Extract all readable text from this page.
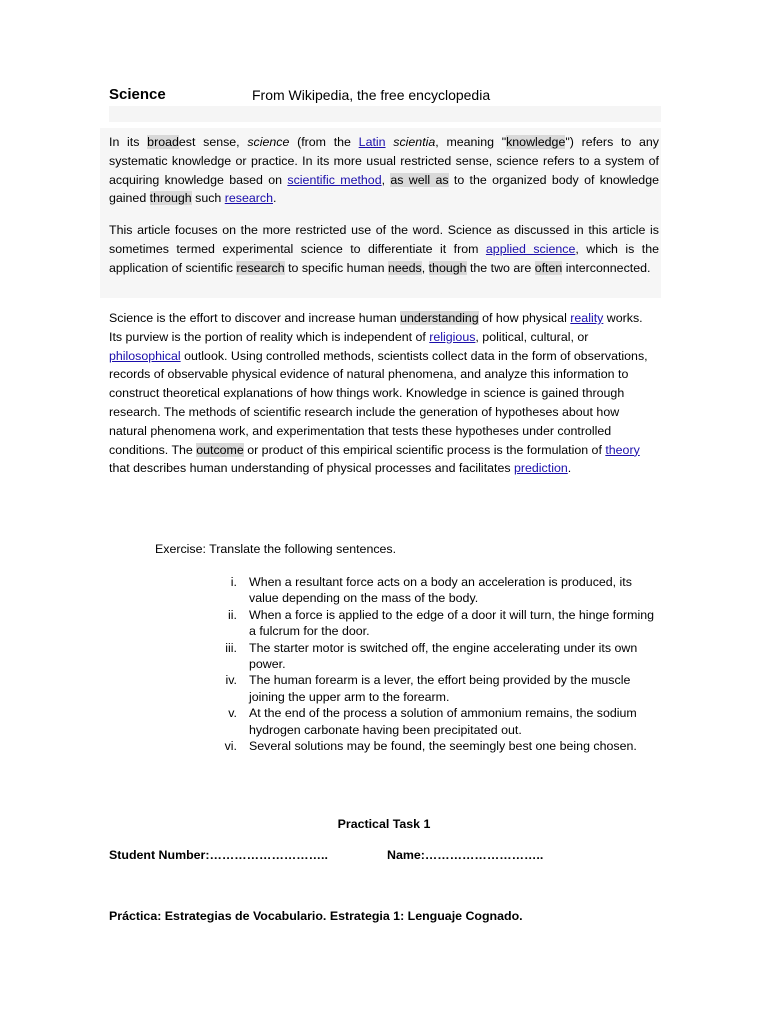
Science	From Wikipedia, the free encyclopedia
In its broadest sense, science (from the Latin scientia, meaning "knowledge") refers to any systematic knowledge or practice. In its more usual restricted sense, science refers to a system of acquiring knowledge based on scientific method, as well as to the organized body of knowledge gained through such research.
This article focuses on the more restricted use of the word. Science as discussed in this article is sometimes termed experimental science to differentiate it from applied science, which is the application of scientific research to specific human needs, though the two are often interconnected.
Science is the effort to discover and increase human understanding of how physical reality works. Its purview is the portion of reality which is independent of religious, political, cultural, or philosophical outlook. Using controlled methods, scientists collect data in the form of observations, records of observable physical evidence of natural phenomena, and analyze this information to construct theoretical explanations of how things work. Knowledge in science is gained through research. The methods of scientific research include the generation of hypotheses about how natural phenomena work, and experimentation that tests these hypotheses under controlled conditions. The outcome or product of this empirical scientific process is the formulation of theory that describes human understanding of physical processes and facilitates prediction.
Exercise: Translate the following sentences.
i. When a resultant force acts on a body an acceleration is produced, its value depending on the mass of the body.
ii. When a force is applied to the edge of a door it will turn, the hinge forming a fulcrum for the door.
iii. The starter motor is switched off, the engine accelerating under its own power.
iv. The human forearm is a lever, the effort being provided by the muscle joining the upper arm to the forearm.
v. At the end of the process a solution of ammonium remains, the sodium hydrogen carbonate having been precipitated out.
vi. Several solutions may be found, the seemingly best one being chosen.
Practical Task 1
Student Number:………………………..	Name:………………………..
Práctica: Estrategias de Vocabulario. Estrategia 1: Lenguaje Cognado.
